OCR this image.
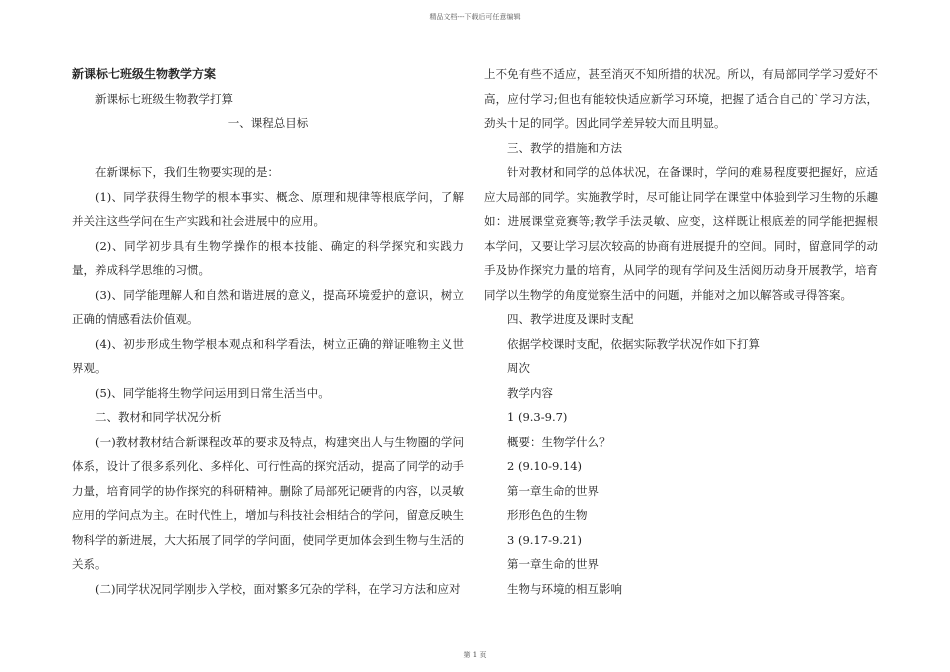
精品文档---下载后可任意编辑

新课标七班级生物教学方案

新课标七班级生物教学打算

一、课程总目标

在新课标下，我们生物要实现的是：

(1)、同学获得生物学的根本事实、概念、原理和规律等根底学问，了解并关注这些学问在生产实践和社会进展中的应用。

(2)、同学初步具有生物学操作的根本技能、确定的科学探究和实践力量，养成科学思维的习惯。

(3)、同学能理解人和自然和谐进展的意义，提高环境爱护的意识，树立正确的情感看法价值观。

(4)、初步形成生物学根本观点和科学看法，树立正确的辩证唯物主义世界观。

(5)、同学能将生物学问运用到日常生活当中。

二、教材和同学状况分析

(一)教材教材结合新课程改革的要求及特点，构建突出人与生物圈的学问体系，设计了很多系列化、多样化、可行性高的探究活动，提高了同学的动手力量，培育同学的协作探究的科研精神。删除了局部死记硬背的内容，以灵敏应用的学问点为主。在时代性上，增加与科技社会相结合的学问，留意反映生物科学的新进展，大大拓展了同学的学问面，使同学更加体会到生物与生活的关系。

(二)同学状况同学刚步入学校，面对繁多冗杂的学科，在学习方法和应对

上不免有些不适应，甚至消灭不知所措的状况。所以，有局部同学学习爱好不高，应付学习;但也有能较快适应新学习环境，把握了适合自己的`学习方法，劲头十足的同学。因此同学差异较大而且明显。

三、教学的措施和方法

针对教材和同学的总体状况，在备课时，学问的难易程度要把握好，应适应大局部的同学。实施教学时，尽可能让同学在课堂中体验到学习生物的乐趣如：进展课堂竞赛等;教学手法灵敏、应变，这样既让根底差的同学能把握根本学问，又要让学习层次较高的协商有进展提升的空间。同时，留意同学的动手及协作探究力量的培育，从同学的现有学问及生活阅历动身开展教学，培育同学以生物学的角度觉察生活中的问题，并能对之加以解答或寻得答案。

四、教学进度及课时支配

依据学校课时支配，依据实际教学状况作如下打算

周次

教学内容

1 (9.3-9.7)

概要：生物学什么？

2 (9.10-9.14)

第一章生命的世界

形形色色的生物

3 (9.17-9.21)

第一章生命的世界

生物与环境的相互影响

第 1 页
